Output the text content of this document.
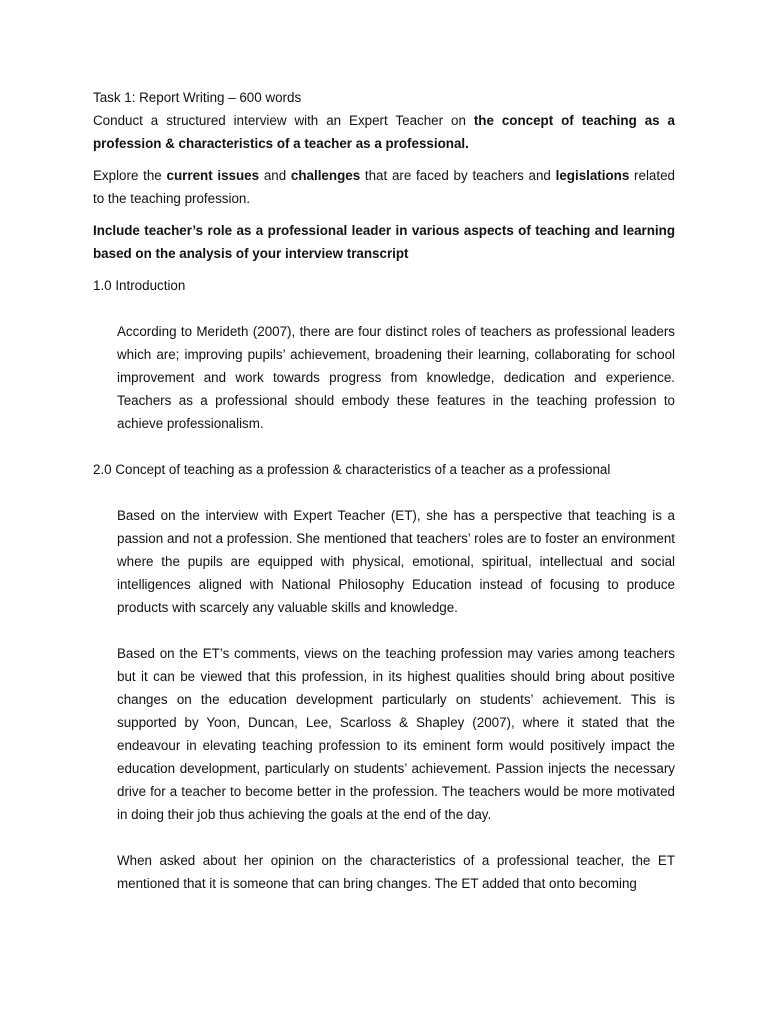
Task 1: Report Writing – 600 words

Conduct a structured interview with an Expert Teacher on the concept of teaching as a profession & characteristics of a teacher as a professional.

Explore the current issues and challenges that are faced by teachers and legislations related to the teaching profession.

Include teacher’s role as a professional leader in various aspects of teaching and learning based on the analysis of your interview transcript

1.0 Introduction

According to Merideth (2007), there are four distinct roles of teachers as professional leaders which are; improving pupils’ achievement, broadening their learning, collaborating for school improvement and work towards progress from knowledge, dedication and experience. Teachers as a professional should embody these features in the teaching profession to achieve professionalism.

2.0 Concept of teaching as a profession & characteristics of a teacher as a professional

Based on the interview with Expert Teacher (ET), she has a perspective that teaching is a passion and not a profession. She mentioned that teachers’ roles are to foster an environment where the pupils are equipped with physical, emotional, spiritual, intellectual and social intelligences aligned with National Philosophy Education instead of focusing to produce products with scarcely any valuable skills and knowledge.

Based on the ET’s comments, views on the teaching profession may varies among teachers but it can be viewed that this profession, in its highest qualities should bring about positive changes on the education development particularly on students’ achievement. This is supported by Yoon, Duncan, Lee, Scarloss & Shapley (2007), where it stated that the endeavour in elevating teaching profession to its eminent form would positively impact the education development, particularly on students’ achievement. Passion injects the necessary drive for a teacher to become better in the profession. The teachers would be more motivated in doing their job thus achieving the goals at the end of the day.

When asked about her opinion on the characteristics of a professional teacher, the ET mentioned that it is someone that can bring changes. The ET added that onto becoming
